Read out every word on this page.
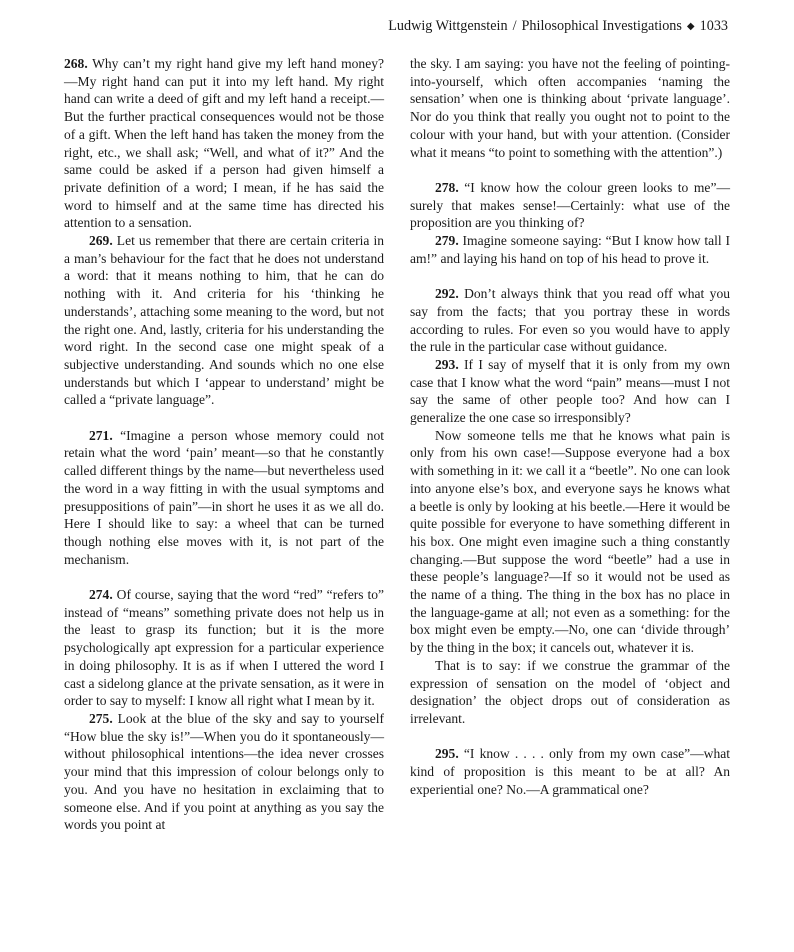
Ludwig Wittgenstein / Philosophical Investigations ◆ 1033

268. Why can’t my right hand give my left hand money?—My right hand can put it into my left hand. My right hand can write a deed of gift and my left hand a receipt.—But the further practical consequences would not be those of a gift. When the left hand has taken the money from the right, etc., we shall ask; “Well, and what of it?” And the same could be asked if a person had given himself a private definition of a word; I mean, if he has said the word to himself and at the same time has directed his attention to a sensation.

269. Let us remember that there are certain criteria in a man’s behaviour for the fact that he does not understand a word: that it means nothing to him, that he can do nothing with it. And criteria for his ‘thinking he understands’, attaching some meaning to the word, but not the right one. And, lastly, criteria for his understanding the word right. In the second case one might speak of a subjective understanding. And sounds which no one else understands but which I ‘appear to understand’ might be called a “private language”.

271. “Imagine a person whose memory could not retain what the word ‘pain’ meant—so that he constantly called different things by the name—but nevertheless used the word in a way fitting in with the usual symptoms and presuppositions of pain”—in short he uses it as we all do. Here I should like to say: a wheel that can be turned though nothing else moves with it, is not part of the mechanism.

274. Of course, saying that the word “red” “refers to” instead of “means” something private does not help us in the least to grasp its function; but it is the more psychologically apt expression for a particular experience in doing philosophy. It is as if when I uttered the word I cast a sidelong glance at the private sensation, as it were in order to say to myself: I know all right what I mean by it.

275. Look at the blue of the sky and say to yourself “How blue the sky is!”—When you do it spontaneously—without philosophical intentions—the idea never crosses your mind that this impression of colour belongs only to you. And you have no hesitation in exclaiming that to someone else. And if you point at anything as you say the words you point at

the sky. I am saying: you have not the feeling of pointing-into-yourself, which often accompanies ‘naming the sensation’ when one is thinking about ‘private language’. Nor do you think that really you ought not to point to the colour with your hand, but with your attention. (Consider what it means “to point to something with the attention”.)

278. “I know how the colour green looks to me”—surely that makes sense!—Certainly: what use of the proposition are you thinking of?

279. Imagine someone saying: “But I know how tall I am!” and laying his hand on top of his head to prove it.

292. Don’t always think that you read off what you say from the facts; that you portray these in words according to rules. For even so you would have to apply the rule in the particular case without guidance.

293. If I say of myself that it is only from my own case that I know what the word “pain” means—must I not say the same of other people too? And how can I generalize the one case so irresponsibly?

Now someone tells me that he knows what pain is only from his own case!—Suppose everyone had a box with something in it: we call it a “beetle”. No one can look into anyone else’s box, and everyone says he knows what a beetle is only by looking at his beetle.—Here it would be quite possible for everyone to have something different in his box. One might even imagine such a thing constantly changing.—But suppose the word “beetle” had a use in these people’s language?—If so it would not be used as the name of a thing. The thing in the box has no place in the language-game at all; not even as a something: for the box might even be empty.—No, one can ‘divide through’ by the thing in the box; it cancels out, whatever it is.

That is to say: if we construe the grammar of the expression of sensation on the model of ‘object and designation’ the object drops out of consideration as irrelevant.

295. “I know . . . . only from my own case”—what kind of proposition is this meant to be at all? An experiential one? No.—A grammatical one?
